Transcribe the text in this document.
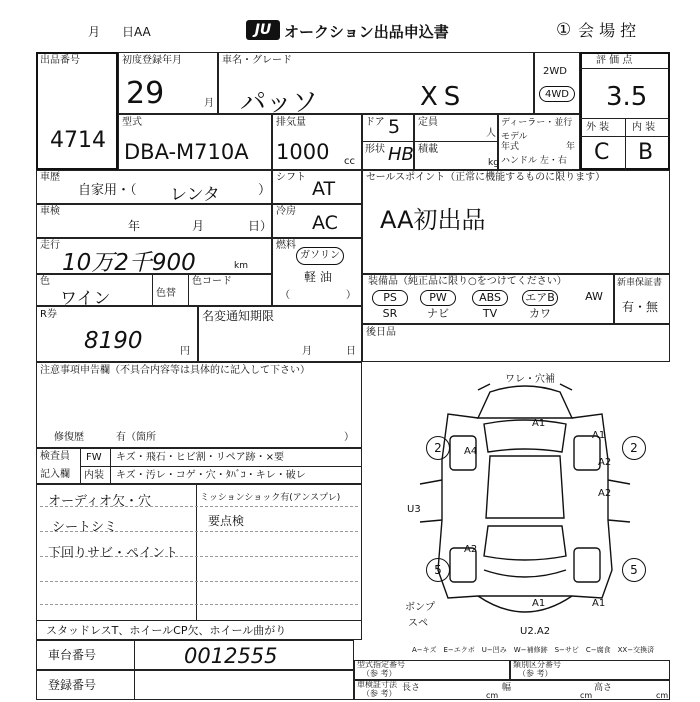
月 日AA	JU オークション出品申込書	① 会 場 控
出品番号
4714
初度登録年月
29	月
車名・グレード
パッソ	XS
2WD
4WD
評 価 点
3.5
外 装 内 装
C B
型式
DBA-M710A
排気量
1000 cc
ドア 5
形状 HB
定員
人
積載
kg
ディーラー・並行
モデル
年式	年
ハンドル 左・右
車歴
自家用・（ レンタ	）
シフト
AT
車検
年	月	日）
冷房
AC
走行
10万2千900	km
燃料
ガソリン
軽 油
（	）
色
ワイン	色替
色コード
セールスポイント（正常に機能するものに限ります）
AA初出品
装備品（純正品に限り○をつけてください）
PS	PW	ABS	エアB	AW
SR	ナビ	TV	カワ
新車保証書
有・無
R券
8190	円
名変通知期限
月	日
後日品
注意事項申告欄（不具合内容等は具体的に記入して下さい）
修復歴	有（箇所	）
検査員
記入欄
FW
内装
キズ・飛石・ヒビ割・リペア跡・×要
キズ・汚レ・コゲ・穴・ﾀﾊﾞｺ・キレ・破レ
オーディオ欠・穴
シートシミ
下回りサビ・ペイント
ミッションショック有(アンスプレ)
要点検
スタッドレスT、ホイールCP欠、ホイール曲がり
ワレ・穴補
A1
A1
A4
A2
A2
A2
A1	A1
U3
U2.A2
ボンプ
スペ
2	2
5	5
A−キズ　E−エクボ　U−凹み　W−補修跡　S−サビ　C−腐食　XX−交換済
車台番号	0012555
登録番号
型式指定番号
（参 考）
類別区分番号
（参 考）
車検証寸法
（参 考）
長さ
cm
幅
cm
高さ
cm
